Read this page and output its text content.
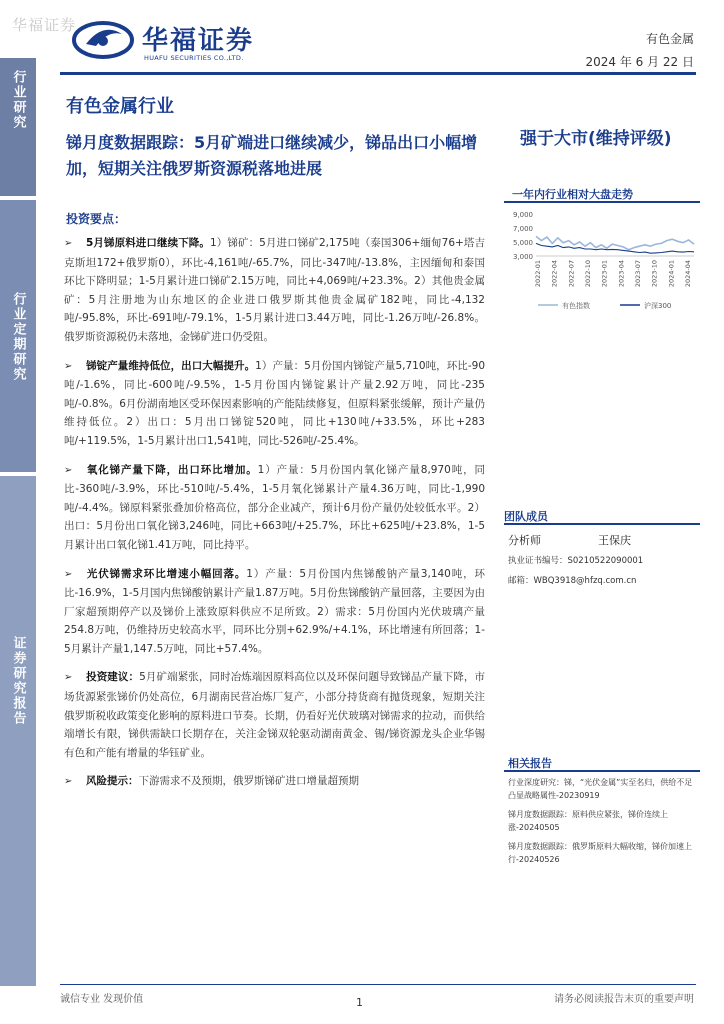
华福证券
华福证券
HUAFU SECURITIES CO.,LTD.
有色金属
2024 年 6 月 22 日
行业研究
行业定期研究
证券研究报告
有色金属行业
锑月度数据跟踪：5月矿端进口继续减少，锑品出口小幅增加，短期关注俄罗斯资源税落地进展
强于大市(维持评级)
一年内行业相对大盘走势
9,000
7,000
5,000
3,000
2022-01 2022-04 2022-07 2022-10 2023-01 2023-04 2023-07 2023-10 2024-01 2024-04
有色指数	沪深300
团队成员
分析师	王保庆
执业证书编号：S0210522090001
邮箱：WBQ3918@hfzq.com.cn
相关报告
行业深度研究：锑，“光伏金属”实至名归，供给不足凸显战略属性-20230919
锑月度数据跟踪：原料供应紧张，锑价连续上涨-20240505
锑月度数据跟踪：俄罗斯原料大幅收缩，锑价加速上行-20240526
投资要点：
➢ 5月锑原料进口继续下降。1）锑矿：5月进口锑矿2,175吨（泰国306+缅甸76+塔吉克斯坦172+俄罗斯0），环比-4,161吨/-65.7%，同比-347吨/-13.8%，主因缅甸和泰国环比下降明显；1-5月累计进口锑矿2.15万吨，同比+4,069吨/+23.3%。2）其他贵金属矿：5月注册地为山东地区的企业进口俄罗斯其他贵金属矿182吨，同比-4,132吨/-95.8%，环比-691吨/-79.1%，1-5月累计进口3.44万吨，同比-1.26万吨/-26.8%。俄罗斯资源税仍未落地，金锑矿进口仍受阻。
➢ 锑锭产量维持低位，出口大幅提升。1）产量：5月份国内锑锭产量5,710吨，环比-90吨/-1.6%，同比-600吨/-9.5%，1-5月份国内锑锭累计产量2.92万吨，同比-235吨/-0.8%。6月份湖南地区受环保因素影响的产能陆续修复，但原料紧张缓解，预计产量仍维持低位。2）出口：5月出口锑锭520吨，同比+130吨/+33.5%，环比+283吨/+119.5%，1-5月累计出口1,541吨，同比-526吨/-25.4%。
➢ 氧化锑产量下降，出口环比增加。1）产量：5月份国内氧化锑产量8,970吨，同比-360吨/-3.9%，环比-510吨/-5.4%，1-5月氧化锑累计产量4.36万吨，同比-1,990吨/-4.4%。锑原料紧张叠加价格高位，部分企业减产，预计6月份产量仍处较低水平。2）出口：5月份出口氧化锑3,246吨，同比+663吨/+25.7%，环比+625吨/+23.8%，1-5月累计出口氧化锑1.41万吨，同比持平。
➢ 光伏锑需求环比增速小幅回落。1）产量：5月份国内焦锑酸钠产量3,140吨，环比-16.9%，1-5月国内焦锑酸钠累计产量1.87万吨。5月份焦锑酸钠产量回落，主要因为由厂家超预期停产以及锑价上涨致原料供应不足所致。2）需求：5月份国内光伏玻璃产量254.8万吨，仍维持历史较高水平，同环比分别+62.9%/+4.1%，环比增速有所回落；1-5月累计产量1,147.5万吨，同比+57.4%。
➢ 投资建议：5月矿端紧张，同时冶炼端因原料高位以及环保问题导致锑品产量下降，市场货源紧张锑价仍处高位，6月湖南民营冶炼厂复产，小部分持货商有抛货现象，短期关注俄罗斯税收政策变化影响的原料进口节奏。长期，仍看好光伏玻璃对锑需求的拉动，而供给端增长有限，锑供需缺口长期存在，关注金锑双轮驱动湖南黄金、锡/锑资源龙头企业华锡有色和产能有增量的华钰矿业。
➢ 风险提示：下游需求不及预期，俄罗斯锑矿进口增量超预期
诚信专业 发现价值	1	请务必阅读报告末页的重要声明
